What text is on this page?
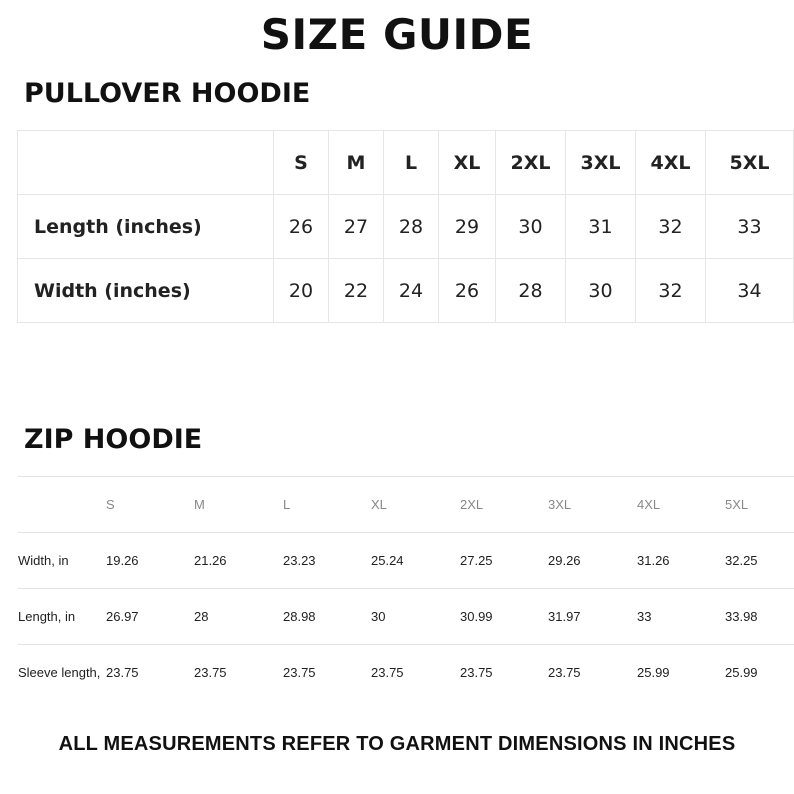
SIZE GUIDE
PULLOVER HOODIE
	S	M	L	XL	2XL	3XL	4XL	5XL
Length (inches)	26	27	28	29	30	31	32	33
Width (inches)	20	22	24	26	28	30	32	34
ZIP HOODIE
	S	M	L	XL	2XL	3XL	4XL	5XL
Width, in	19.26	21.26	23.23	25.24	27.25	29.26	31.26	32.25
Length, in	26.97	28	28.98	30	30.99	31.97	33	33.98
Sleeve length,	23.75	23.75	23.75	23.75	23.75	23.75	25.99	25.99
ALL MEASUREMENTS REFER TO GARMENT DIMENSIONS IN INCHES
